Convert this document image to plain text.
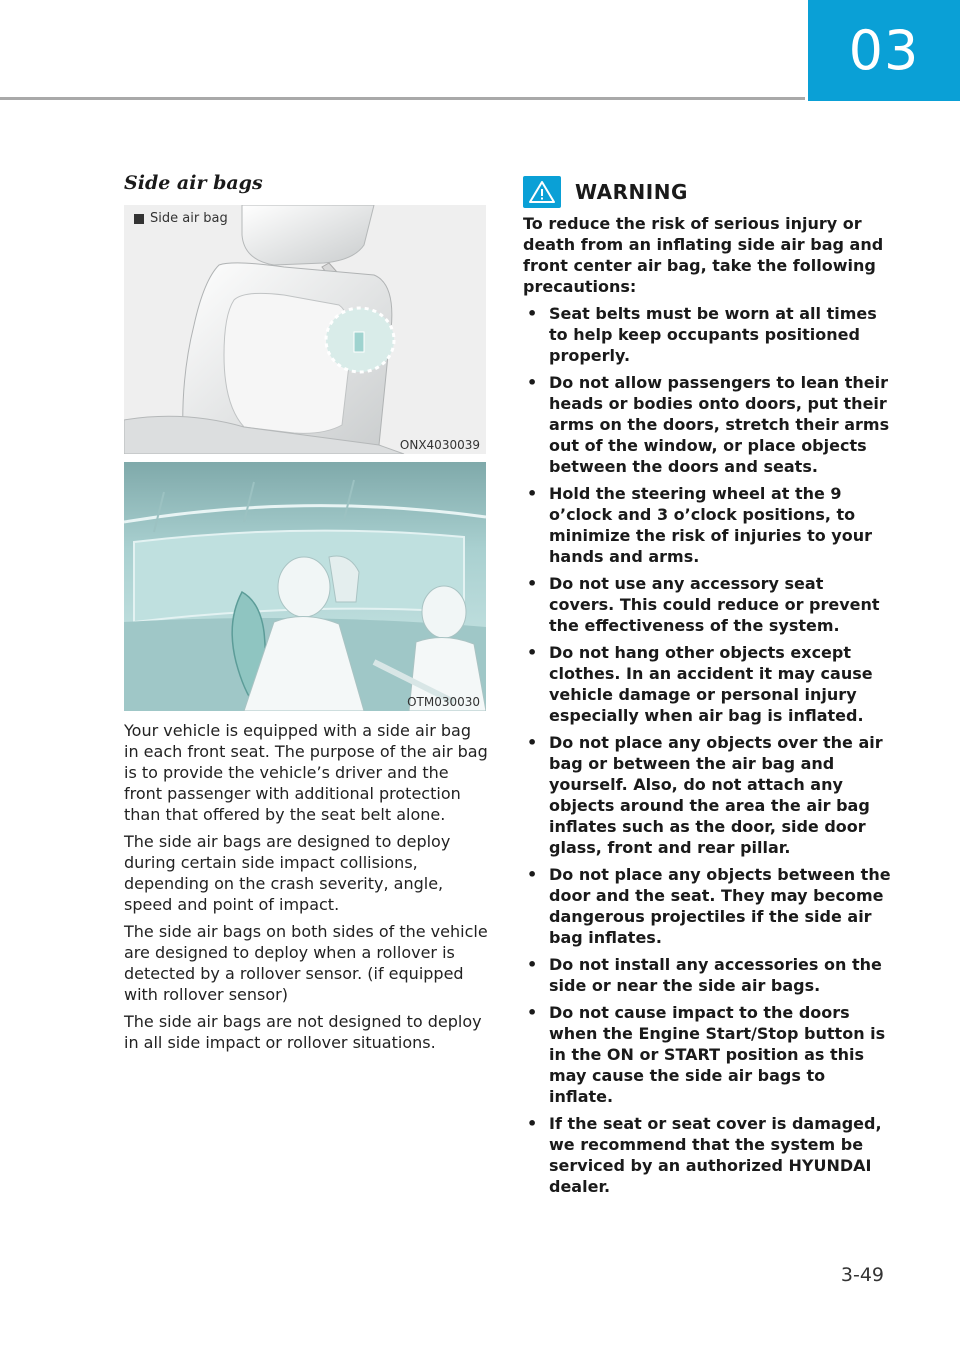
03
Side air bags
Side air bag
ONX4030039
OTM030030

Your vehicle is equipped with a side air bag in each front seat. The purpose of the air bag is to provide the vehicle’s driver and the front passenger with additional protection than that offered by the seat belt alone.

The side air bags are designed to deploy during certain side impact collisions, depending on the crash severity, angle, speed and point of impact.

The side air bags on both sides of the vehicle are designed to deploy when a rollover is detected by a rollover sensor. (if equipped with rollover sensor)

The side air bags are not designed to deploy in all side impact or rollover situations.

WARNING
To reduce the risk of serious injury or death from an inflating side air bag and front center air bag, take the following precautions:
• Seat belts must be worn at all times to help keep occupants positioned properly.
• Do not allow passengers to lean their heads or bodies onto doors, put their arms on the doors, stretch their arms out of the window, or place objects between the doors and seats.
• Hold the steering wheel at the 9 o’clock and 3 o’clock positions, to minimize the risk of injuries to your hands and arms.
• Do not use any accessory seat covers. This could reduce or prevent the effectiveness of the system.
• Do not hang other objects except clothes. In an accident it may cause vehicle damage or personal injury especially when air bag is inflated.
• Do not place any objects over the air bag or between the air bag and yourself. Also, do not attach any objects around the area the air bag inflates such as the door, side door glass, front and rear pillar.
• Do not place any objects between the door and the seat. They may become dangerous projectiles if the side air bag inflates.
• Do not install any accessories on the side or near the side air bags.
• Do not cause impact to the doors when the Engine Start/Stop button is in the ON or START position as this may cause the side air bags to inflate.
• If the seat or seat cover is damaged, we recommend that the system be serviced by an authorized HYUNDAI dealer.
3-49
